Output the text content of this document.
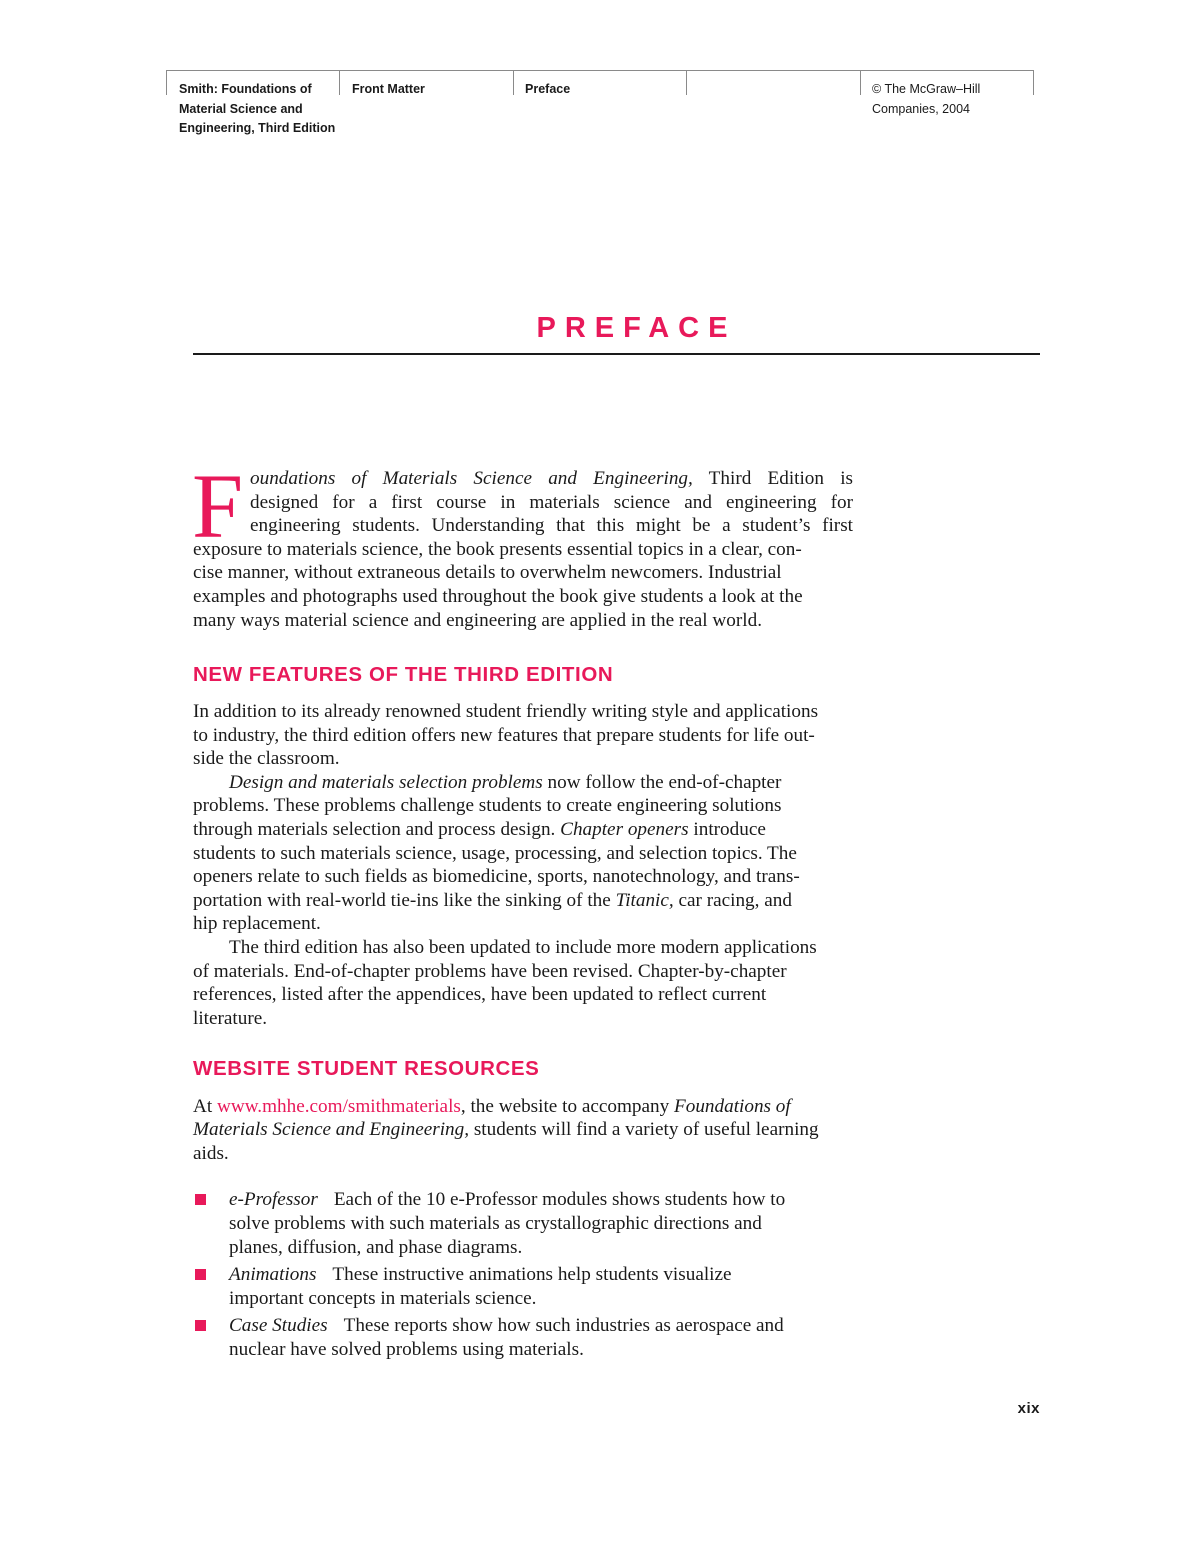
Smith: Foundations of
Material Science and
Engineering, Third Edition
Front Matter	Preface	© The McGraw–Hill
Companies, 2004
PREFACE
F oundations of Materials Science and Engineering, Third Edition is
designed for a first course in materials science and engineering for
engineering students. Understanding that this might be a student’s first
exposure to materials science, the book presents essential topics in a clear, con-
cise manner, without extraneous details to overwhelm newcomers. Industrial
examples and photographs used throughout the book give students a look at the
many ways material science and engineering are applied in the real world.
NEW FEATURES OF THE THIRD EDITION
In addition to its already renowned student friendly writing style and applications
to industry, the third edition offers new features that prepare students for life out-
side the classroom.
Design and materials selection problems now follow the end-of-chapter
problems. These problems challenge students to create engineering solutions
through materials selection and process design. Chapter openers introduce
students to such materials science, usage, processing, and selection topics. The
openers relate to such fields as biomedicine, sports, nanotechnology, and trans-
portation with real-world tie-ins like the sinking of the Titanic, car racing, and
hip replacement.
The third edition has also been updated to include more modern applications
of materials. End-of-chapter problems have been revised. Chapter-by-chapter
references, listed after the appendices, have been updated to reflect current
literature.
WEBSITE STUDENT RESOURCES
At www.mhhe.com/smithmaterials, the website to accompany Foundations of
Materials Science and Engineering, students will find a variety of useful learning
aids.
e-Professor Each of the 10 e-Professor modules shows students how to
solve problems with such materials as crystallographic directions and
planes, diffusion, and phase diagrams.
Animations These instructive animations help students visualize
important concepts in materials science.
Case Studies These reports show how such industries as aerospace and
nuclear have solved problems using materials.
xix
